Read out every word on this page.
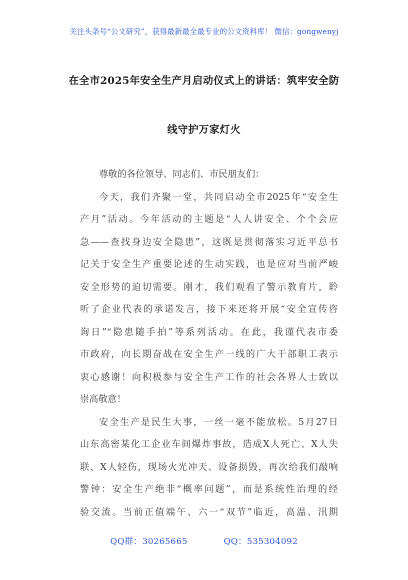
关注头条号“公文研究”，获得最新最全最专业的公文资料库！ 微信：gongwenyj
在全市2025年安全生产月启动仪式上的讲话：筑牢安全防
线守护万家灯火
尊敬的各位领导、同志们、市民朋友们：
今天，我们齐聚一堂，共同启动全市2025年“安全生
产月”活动。今年活动的主题是“人人讲安全、个个会应
急——查找身边安全隐患”，这既是贯彻落实习近平总书
记关于安全生产重要论述的生动实践，也是应对当前严峻
安全形势的迫切需要。刚才，我们观看了警示教育片，聆
听了企业代表的承诺发言，接下来还将开展“安全宣传咨
询日”“隐患随手拍”等系列活动。在此，我谨代表市委
市政府，向长期奋战在安全生产一线的广大干部职工表示
衷心感谢！向积极参与安全生产工作的社会各界人士致以
崇高敬意！
安全生产是民生大事，一丝一毫不能放松。5月27日
山东高密某化工企业车间爆炸事故，造成X人死亡、X人失
联、X人轻伤，现场火光冲天、设备损毁，再次给我们敲响
警钟：安全生产绝非“概率问题”，而是系统性治理的经
验交流。当前正值端午、六一“双节”临近，高温、汛期
QQ群：30265665	QQ：535304092
